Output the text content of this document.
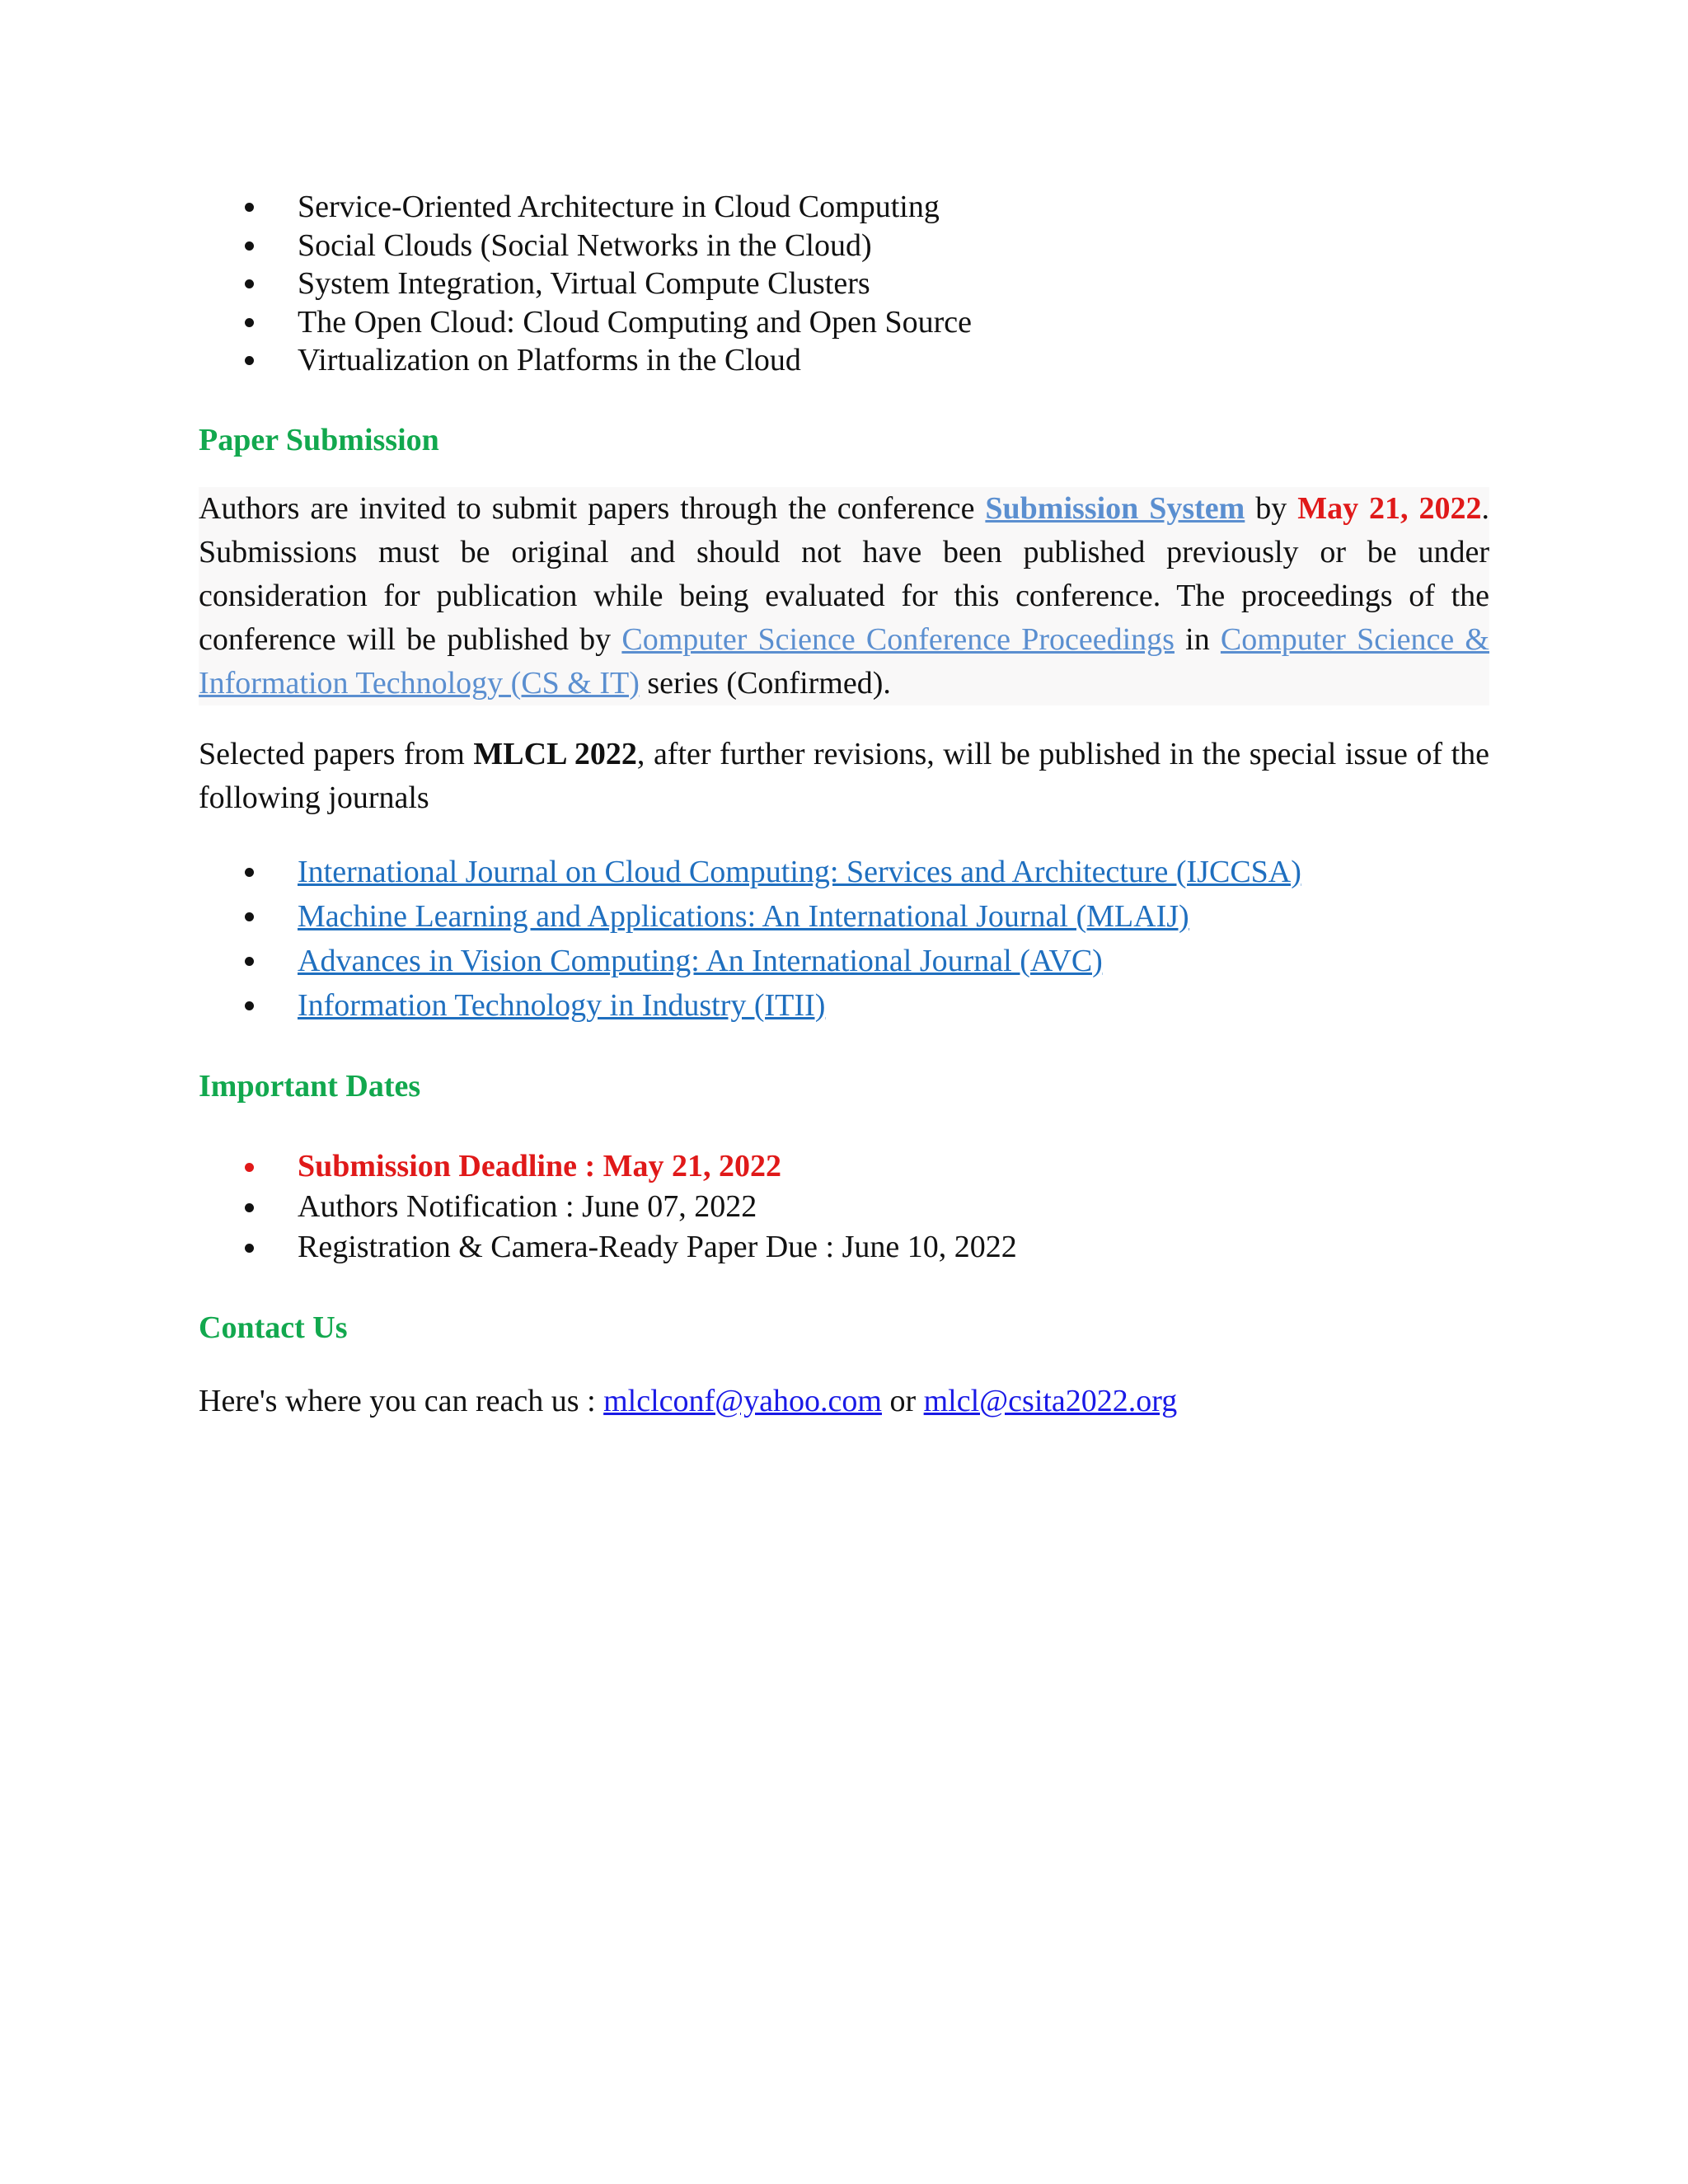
Service-Oriented Architecture in Cloud Computing
Social Clouds (Social Networks in the Cloud)
System Integration, Virtual Compute Clusters
The Open Cloud: Cloud Computing and Open Source
Virtualization on Platforms in the Cloud

Paper Submission

Authors are invited to submit papers through the conference Submission System by May 21, 2022. Submissions must be original and should not have been published previously or be under consideration for publication while being evaluated for this conference. The proceedings of the conference will be published by Computer Science Conference Proceedings in Computer Science & Information Technology (CS & IT) series (Confirmed).

Selected papers from MLCL 2022, after further revisions, will be published in the special issue of the following journals

International Journal on Cloud Computing: Services and Architecture (IJCCSA)
Machine Learning and Applications: An International Journal (MLAIJ)
Advances in Vision Computing: An International Journal (AVC)
Information Technology in Industry (ITII)

Important Dates

Submission Deadline : May 21, 2022
Authors Notification : June 07, 2022
Registration & Camera-Ready Paper Due : June 10, 2022

Contact Us

Here's where you can reach us : mlclconf@yahoo.com or mlcl@csita2022.org
